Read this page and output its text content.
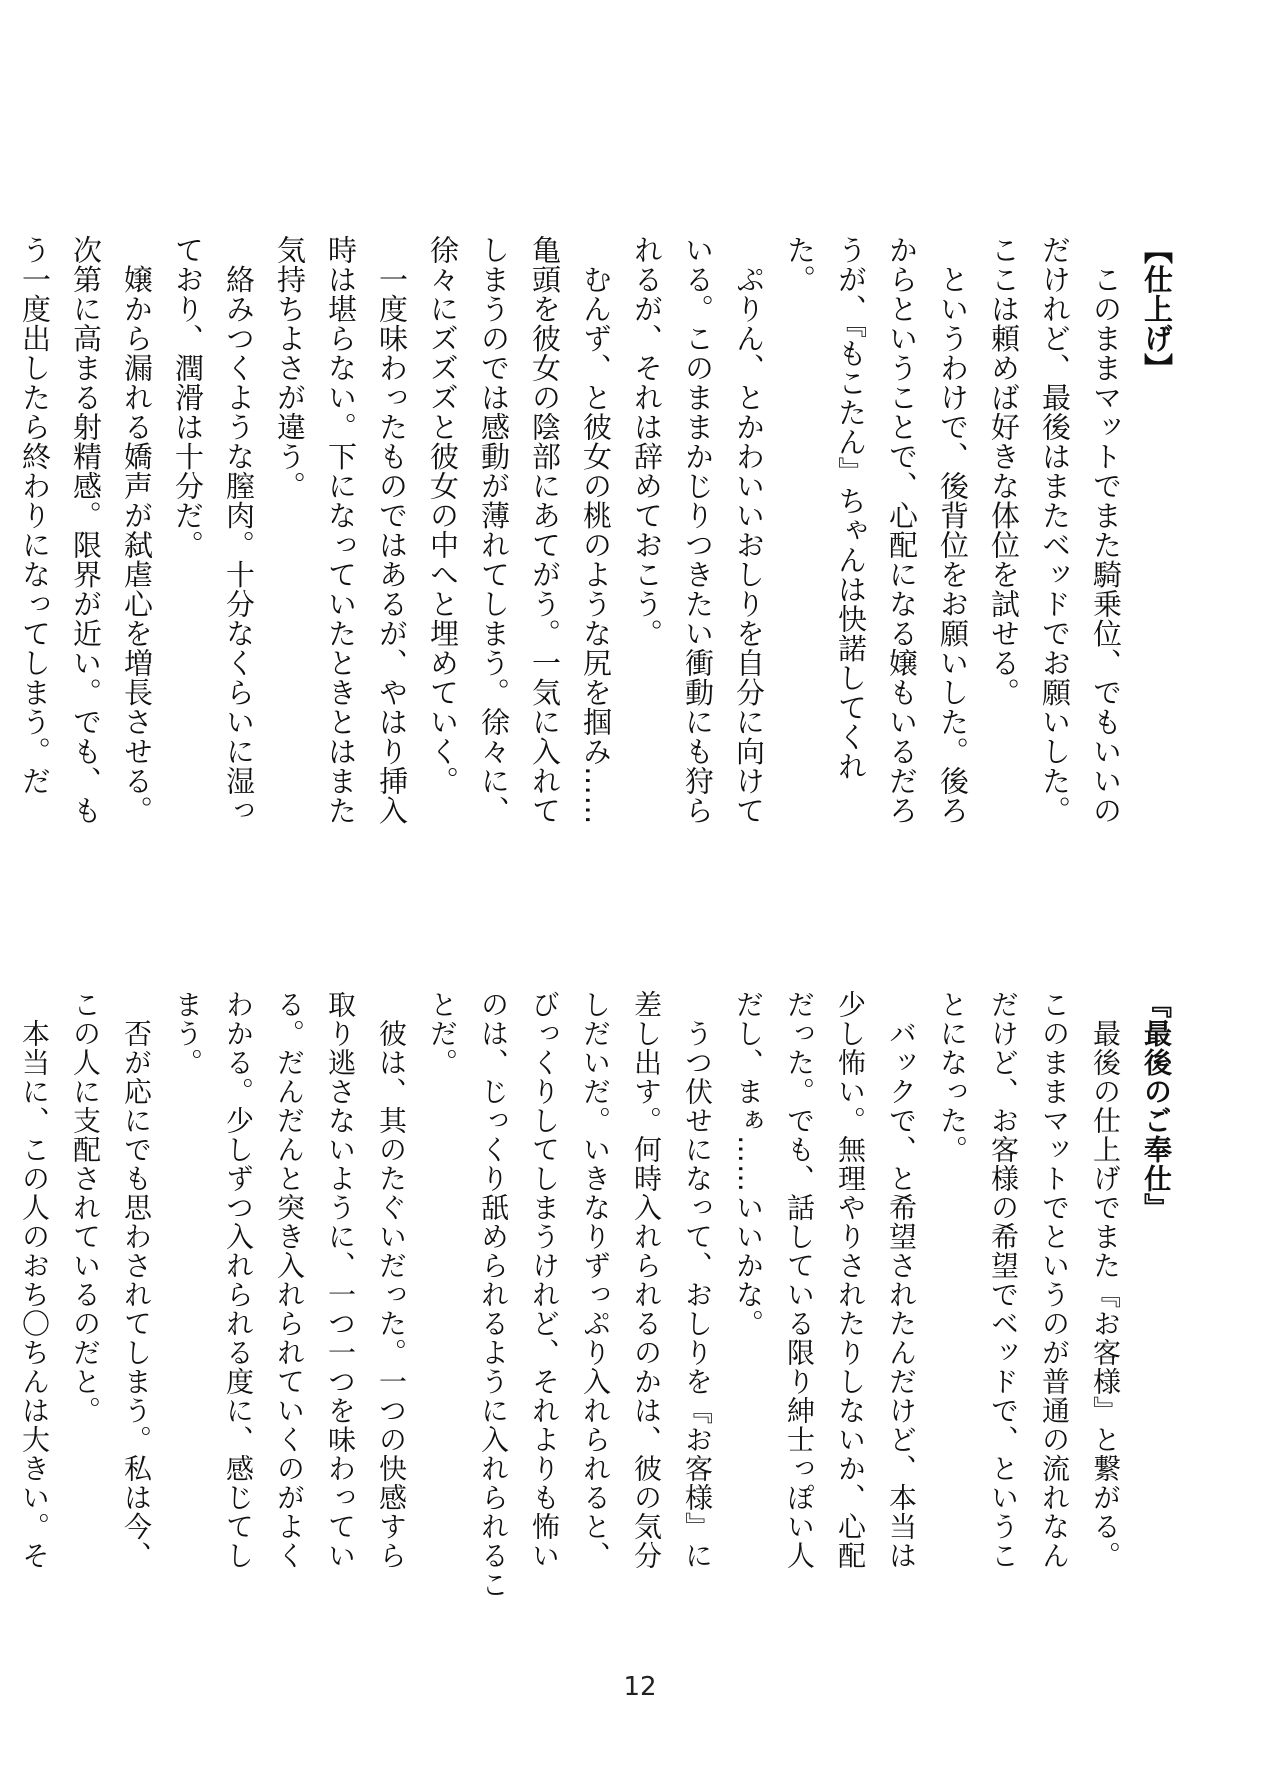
【仕上げ】
　このままマットでまた騎乗位、でもいいの
だけれど、最後はまたベッドでお願いした。
ここは頼めば好きな体位を試せる。
　というわけで、後背位をお願いした。後ろ
からということで、心配になる嬢もいるだろ
うが、『もこたん』ちゃんは快諾してくれた。
　ぷりん、とかわいいおしりを自分に向けて
いる。このままかじりつきたい衝動にも狩ら
れるが、それは辞めておこう。
　むんず、と彼女の桃のような尻を掴み……
亀頭を彼女の陰部にあてがう。一気に入れて
しまうのでは感動が薄れてしまう。徐々に、
徐々にズズズと彼女の中へと埋めていく。
　一度味わったものではあるが、やはり挿入
時は堪らない。下になっていたときとはまた
気持ちよさが違う。
　絡みつくような膣肉。十分なくらいに湿っ
ており、潤滑は十分だ。
　嬢から漏れる嬌声が弑虐心を増長させる。
次第に高まる射精感。限界が近い。でも、も
う一度出したら終わりになってしまう。だ

『最後のご奉仕』
　最後の仕上げでまた『お客様』と繋がる。
このままマットでというのが普通の流れなん
だけど、お客様の希望でベッドで、というこ
とになった。
　バックで、と希望されたんだけど、本当は
少し怖い。無理やりされたりしないか、心配
だった。でも、話している限り紳士っぽい人
だし、まぁ……いいかな。
　うつ伏せになって、おしりを『お客様』に
差し出す。何時入れられるのかは、彼の気分
しだいだ。いきなりずっぷり入れられると、
びっくりしてしまうけれど、それよりも怖い
のは、じっくり舐められるように入れられるこ
とだ。
　彼は、其のたぐいだった。一つの快感すら
取り逃さないように、一つ一つを味わってい
る。だんだんと突き入れられていくのがよく
わかる。少しずつ入れられる度に、感じてし
まう。
　否が応にでも思わされてしまう。私は今、
この人に支配されているのだと。
　本当に、この人のおち〇ちんは大きい。そ

12
